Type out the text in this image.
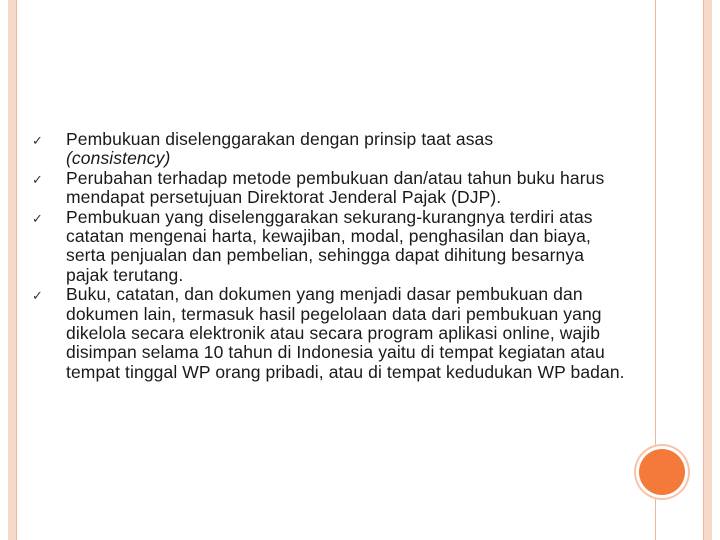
✓ Pembukuan diselenggarakan dengan prinsip taat asas
(consistency)
✓ Perubahan terhadap metode pembukuan dan/atau tahun buku harus mendapat persetujuan Direktorat Jenderal Pajak (DJP).
✓ Pembukuan yang diselenggarakan sekurang-kurangnya terdiri atas catatan mengenai harta, kewajiban, modal, penghasilan dan biaya, serta penjualan dan pembelian, sehingga dapat dihitung besarnya pajak terutang.
✓ Buku, catatan, dan dokumen yang menjadi dasar pembukuan dan dokumen lain, termasuk hasil pegelolaan data dari pembukuan yang dikelola secara elektronik atau secara program aplikasi online, wajib disimpan selama 10 tahun di Indonesia yaitu di tempat kegiatan atau tempat tinggal WP orang pribadi, atau di tempat kedudukan WP badan.
